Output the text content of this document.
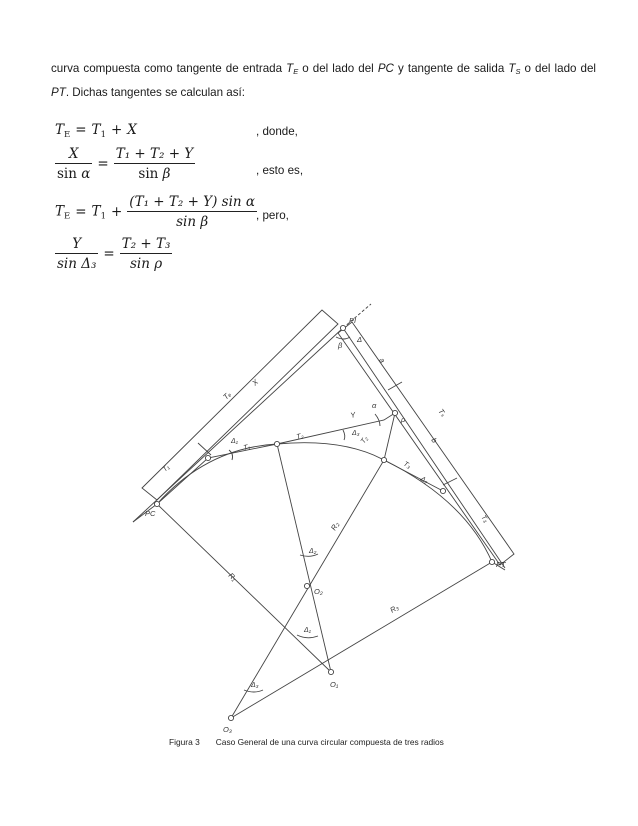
curva compuesta como tangente de entrada $T_E$ o del lado del PC y tangente de salida $T_S$ o del lado del PT. Dichas tangentes se calculan así:
$T_E = T_1 + X$	, donde,
$\frac{X}{\text{sin α}} = \frac{\text{T₁ + T₂ + Y}}{\text{sin β}}$	, esto es,
$T_E = T_1 + \frac{\text{(T₁ + T₂ + Y) sin α}}{\text{sin β}}$
, pero,
$\frac{Y}{\text{sin Δ₃}} = \frac{\text{T₂ + T₃}}{\text{sin ρ}}$
PI
Δ
β
α
ρ
a
b
Tₑ
X
Tₛ
Y
T₁
T₁
T₂	T₂
T₃
T₃
Δ₁
Δ₃
Δ₂
Δ₂
Δ₁
Δ₃
PC
PT
R₁
R₂
R₃
O₂
O₁
O₃
Figura 3 Caso General de una curva circular compuesta de tres radios
